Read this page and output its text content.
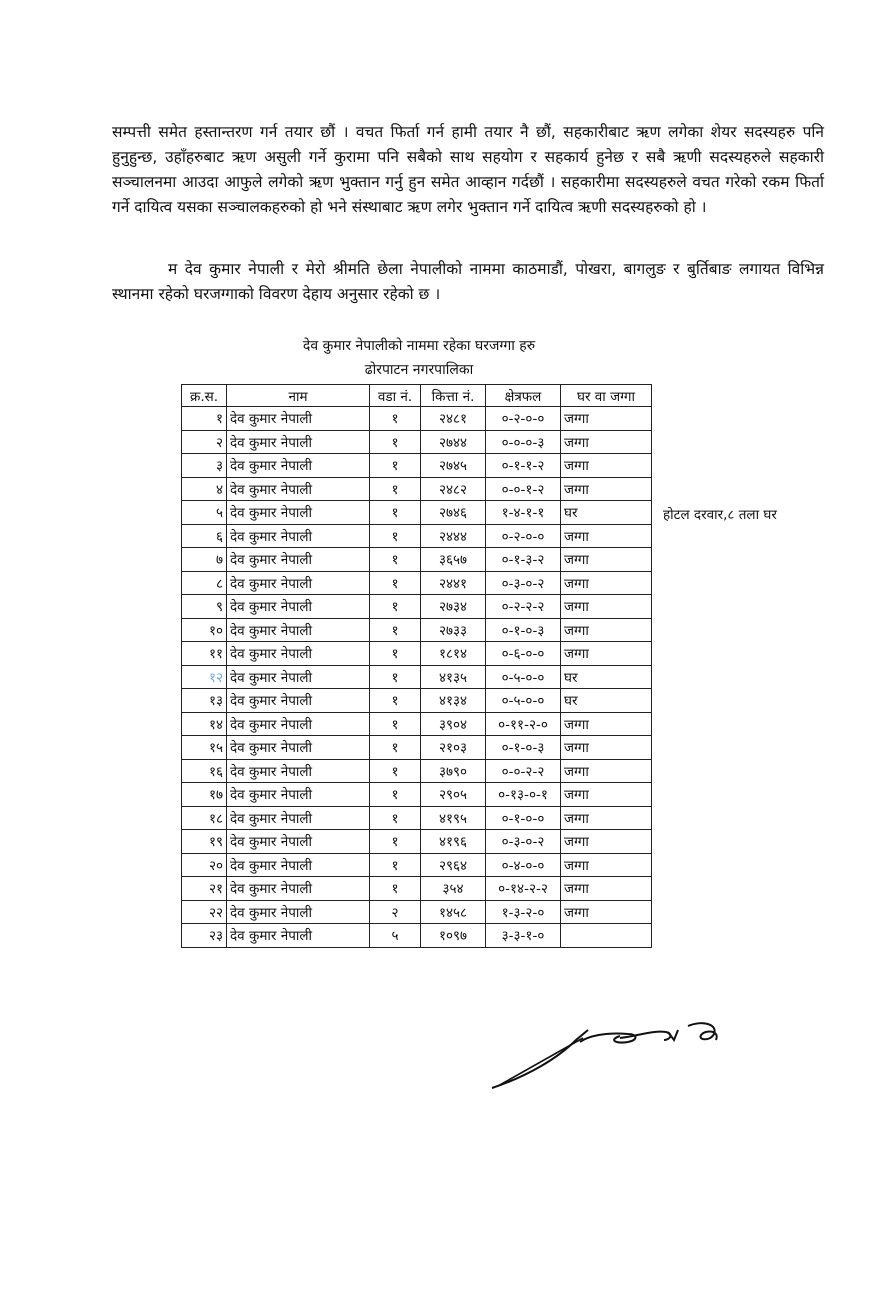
सम्पत्ती समेत हस्तान्तरण गर्न तयार छौं । वचत फिर्ता गर्न हामी तयार नै छौं, सहकारीबाट ऋण लगेका शेयर सदस्यहरु पनि हुनुहुन्छ, उहाँहरुबाट ऋण असुली गर्ने कुरामा पनि सबैको साथ सहयोग र सहकार्य हुनेछ र सबै ऋणी सदस्यहरुले सहकारी सञ्चालनमा आउदा आफुले लगेको ऋण भुक्तान गर्नु हुन समेत आव्हान गर्दछौं । सहकारीमा सदस्यहरुले वचत गरेको रकम फिर्ता गर्ने दायित्व यसका सञ्चालकहरुको हो भने संस्थाबाट ऋण लगेर भुक्तान गर्ने दायित्व ऋणी सदस्यहरुको हो ।

म देव कुमार नेपाली र मेरो श्रीमति छेला नेपालीको नाममा काठमाडौं, पोखरा, बागलुङ र बुर्तिबाङ लगायत विभिन्न स्थानमा रहेको घरजग्गाको विवरण देहाय अनुसार रहेको छ ।

देव कुमार नेपालीको नाममा रहेका घरजग्गा हरु
ढोरपाटन नगरपालिका
क्र.स.	नाम	वडा नं.	कित्ता नं.	क्षेत्रफल	घर वा जग्गा
१	देव कुमार नेपाली	१	२४८१	०-२-०-०	जग्गा
२	देव कुमार नेपाली	१	२७४४	०-०-०-३	जग्गा
३	देव कुमार नेपाली	१	२७४५	०-१-१-२	जग्गा
४	देव कुमार नेपाली	१	२४८२	०-०-१-२	जग्गा
५	देव कुमार नेपाली	१	२७४६	१-४-१-१	घर
६	देव कुमार नेपाली	१	२४४४	०-२-०-०	जग्गा
७	देव कुमार नेपाली	१	३६५७	०-१-३-२	जग्गा
८	देव कुमार नेपाली	१	२४४१	०-३-०-२	जग्गा
९	देव कुमार नेपाली	१	२७३४	०-२-२-२	जग्गा
१०	देव कुमार नेपाली	१	२७३३	०-१-०-३	जग्गा
११	देव कुमार नेपाली	१	१८१४	०-६-०-०	जग्गा
१२	देव कुमार नेपाली	१	४१३५	०-५-०-०	घर
१३	देव कुमार नेपाली	१	४१३४	०-५-०-०	घर
१४	देव कुमार नेपाली	१	३९०४	०-११-२-०	जग्गा
१५	देव कुमार नेपाली	१	२१०३	०-१-०-३	जग्गा
१६	देव कुमार नेपाली	१	३७९०	०-०-२-२	जग्गा
१७	देव कुमार नेपाली	१	२९०५	०-१३-०-१	जग्गा
१८	देव कुमार नेपाली	१	४१९५	०-१-०-०	जग्गा
१९	देव कुमार नेपाली	१	४१९६	०-३-०-२	जग्गा
२०	देव कुमार नेपाली	१	२९६४	०-४-०-०	जग्गा
२१	देव कुमार नेपाली	१	३५४	०-१४-२-२	जग्गा
२२	देव कुमार नेपाली	२	१४५८	१-३-२-०	जग्गा
२३	देव कुमार नेपाली	५	१०९७	३-३-१-०	
होटल दरवार,८ तला घर
